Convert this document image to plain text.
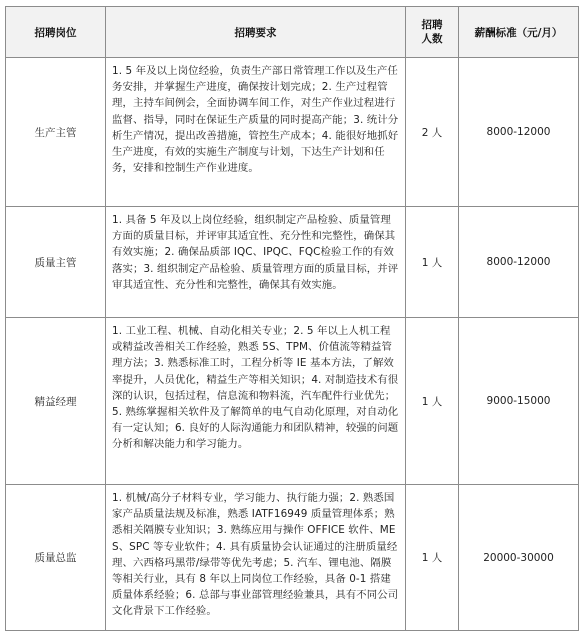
招聘岗位	招聘要求	招聘人数	薪酬标准（元/月）
生产主管	1. 5 年及以上岗位经验，负责生产部日常管理工作以及生产任务安排，并掌握生产进度，确保按计划完成；2. 生产过程管理，主持车间例会，全面协调车间工作，对生产作业过程进行监督、指导，同时在保证生产质量的同时提高产能；3. 统计分析生产情况，提出改善措施，管控生产成本；4. 能很好地抓好生产进度，有效的实施生产制度与计划，下达生产计划和任务，安排和控制生产作业进度。	2 人	8000-12000
质量主管	1. 具备 5 年及以上岗位经验，组织制定产品检验、质量管理方面的质量目标，并评审其适宜性、充分性和完整性，确保其有效实施；2. 确保品质部 IQC、IPQC、FQC检验工作的有效落实；3. 组织制定产品检验、质量管理方面的质量目标，并评审其适宜性、充分性和完整性，确保其有效实施。	1 人	8000-12000
精益经理	1. 工业工程、机械、自动化相关专业；2. 5 年以上人机工程或精益改善相关工作经验，熟悉 5S、TPM、价值流等精益管理方法；3. 熟悉标准工时，工程分析等 IE 基本方法，了解效率提升，人员优化，精益生产等相关知识；4. 对制造技术有很深的认识，包括过程，信息流和物料流，汽车配件行业优先；5. 熟练掌握相关软件及了解简单的电气自动化原理，对自动化有一定认知；6. 良好的人际沟通能力和团队精神，较强的问题分析和解决能力和学习能力。	1 人	9000-15000
质量总监	1. 机械/高分子材料专业，学习能力、执行能力强；2. 熟悉国家产品质量法规及标准，熟悉 IATF16949 质量管理体系；熟悉相关隔膜专业知识；3. 熟练应用与操作 OFFICE 软件、MES、SPC 等专业软件；4. 具有质量协会认证通过的注册质量经理、六西格玛黑带/绿带等优先考虑；5. 汽车、锂电池、隔膜等相关行业，具有 8 年以上同岗位工作经验，具备 0-1 搭建质量体系经验；6. 总部与事业部管理经验兼具，具有不同公司文化背景下工作经验。	1 人	20000-30000
